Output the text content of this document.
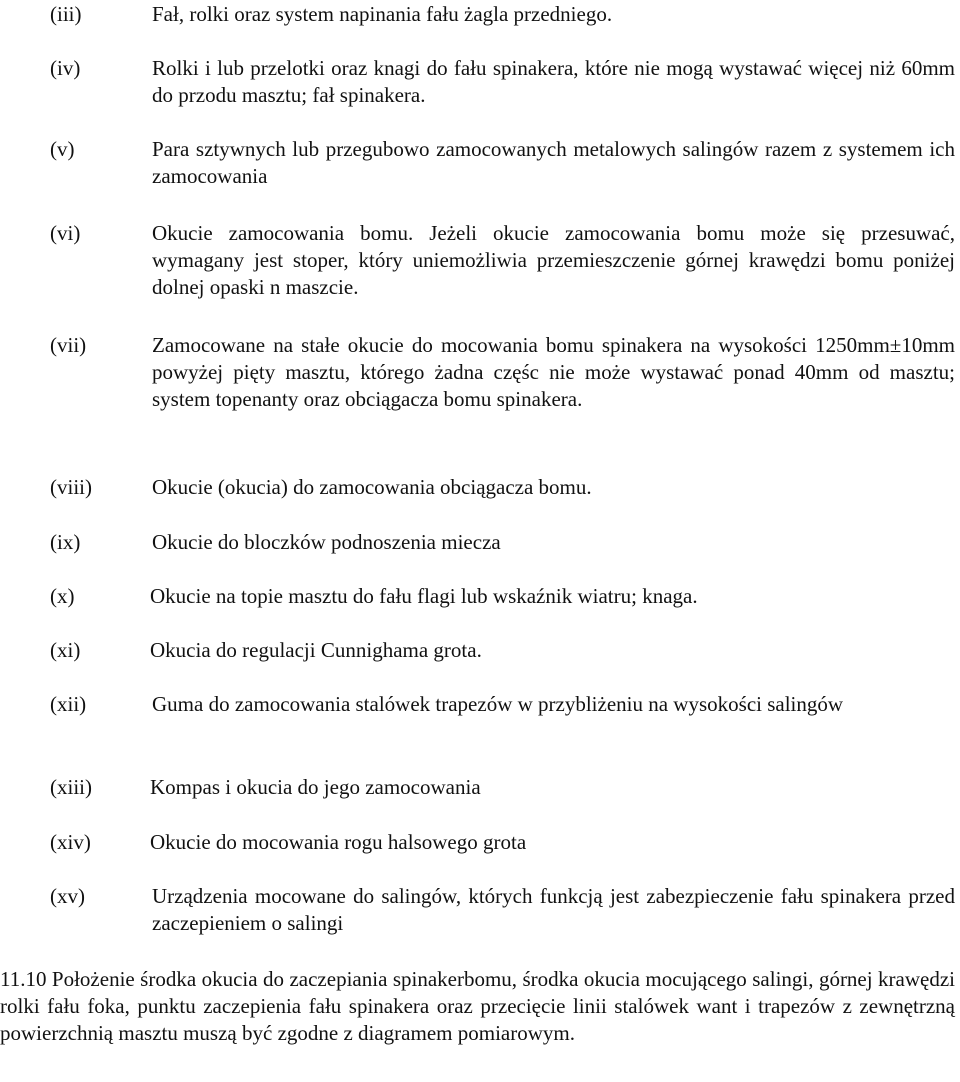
(iii)	Fał, rolki oraz system napinania fału żagla przedniego.
(iv)	Rolki i lub przelotki oraz knagi do fału spinakera, które nie mogą wystawać więcej niż 60mm do przodu masztu; fał spinakera.
(v)	Para sztywnych lub przegubowo zamocowanych metalowych salingów razem z systemem ich zamocowania
(vi)	Okucie zamocowania bomu. Jeżeli okucie zamocowania bomu może się przesuwać, wymagany jest stoper, który uniemożliwia przemieszczenie górnej krawędzi bomu poniżej dolnej opaski n maszcie.
(vii)	Zamocowane na stałe okucie do mocowania bomu spinakera na wysokości 1250mm±10mm powyżej pięty masztu, którego żadna częśc nie może wystawać ponad 40mm od masztu; system topenanty oraz obciągacza bomu spinakera.
(viii)	Okucie (okucia) do zamocowania obciągacza bomu.
(ix)	Okucie do bloczków podnoszenia miecza
(x)	Okucie na topie masztu do fału flagi lub wskaźnik wiatru; knaga.
(xi)	Okucia do regulacji Cunnighama grota.
(xii)	Guma do zamocowania stalówek trapezów w przybliżeniu na wysokości salingów
(xiii)	Kompas i okucia do jego zamocowania
(xiv)	Okucie do mocowania rogu halsowego grota
(xv)	Urządzenia mocowane do salingów, których funkcją jest zabezpieczenie fału spinakera przed zaczepieniem o salingi
11.10 Położenie środka okucia do zaczepiania spinakerbomu, środka okucia mocującego salingi, górnej krawędzi rolki fału foka, punktu zaczepienia fału spinakera oraz przecięcie linii stalówek want i trapezów z zewnętrzną powierzchnią masztu muszą być zgodne z diagramem pomiarowym.
